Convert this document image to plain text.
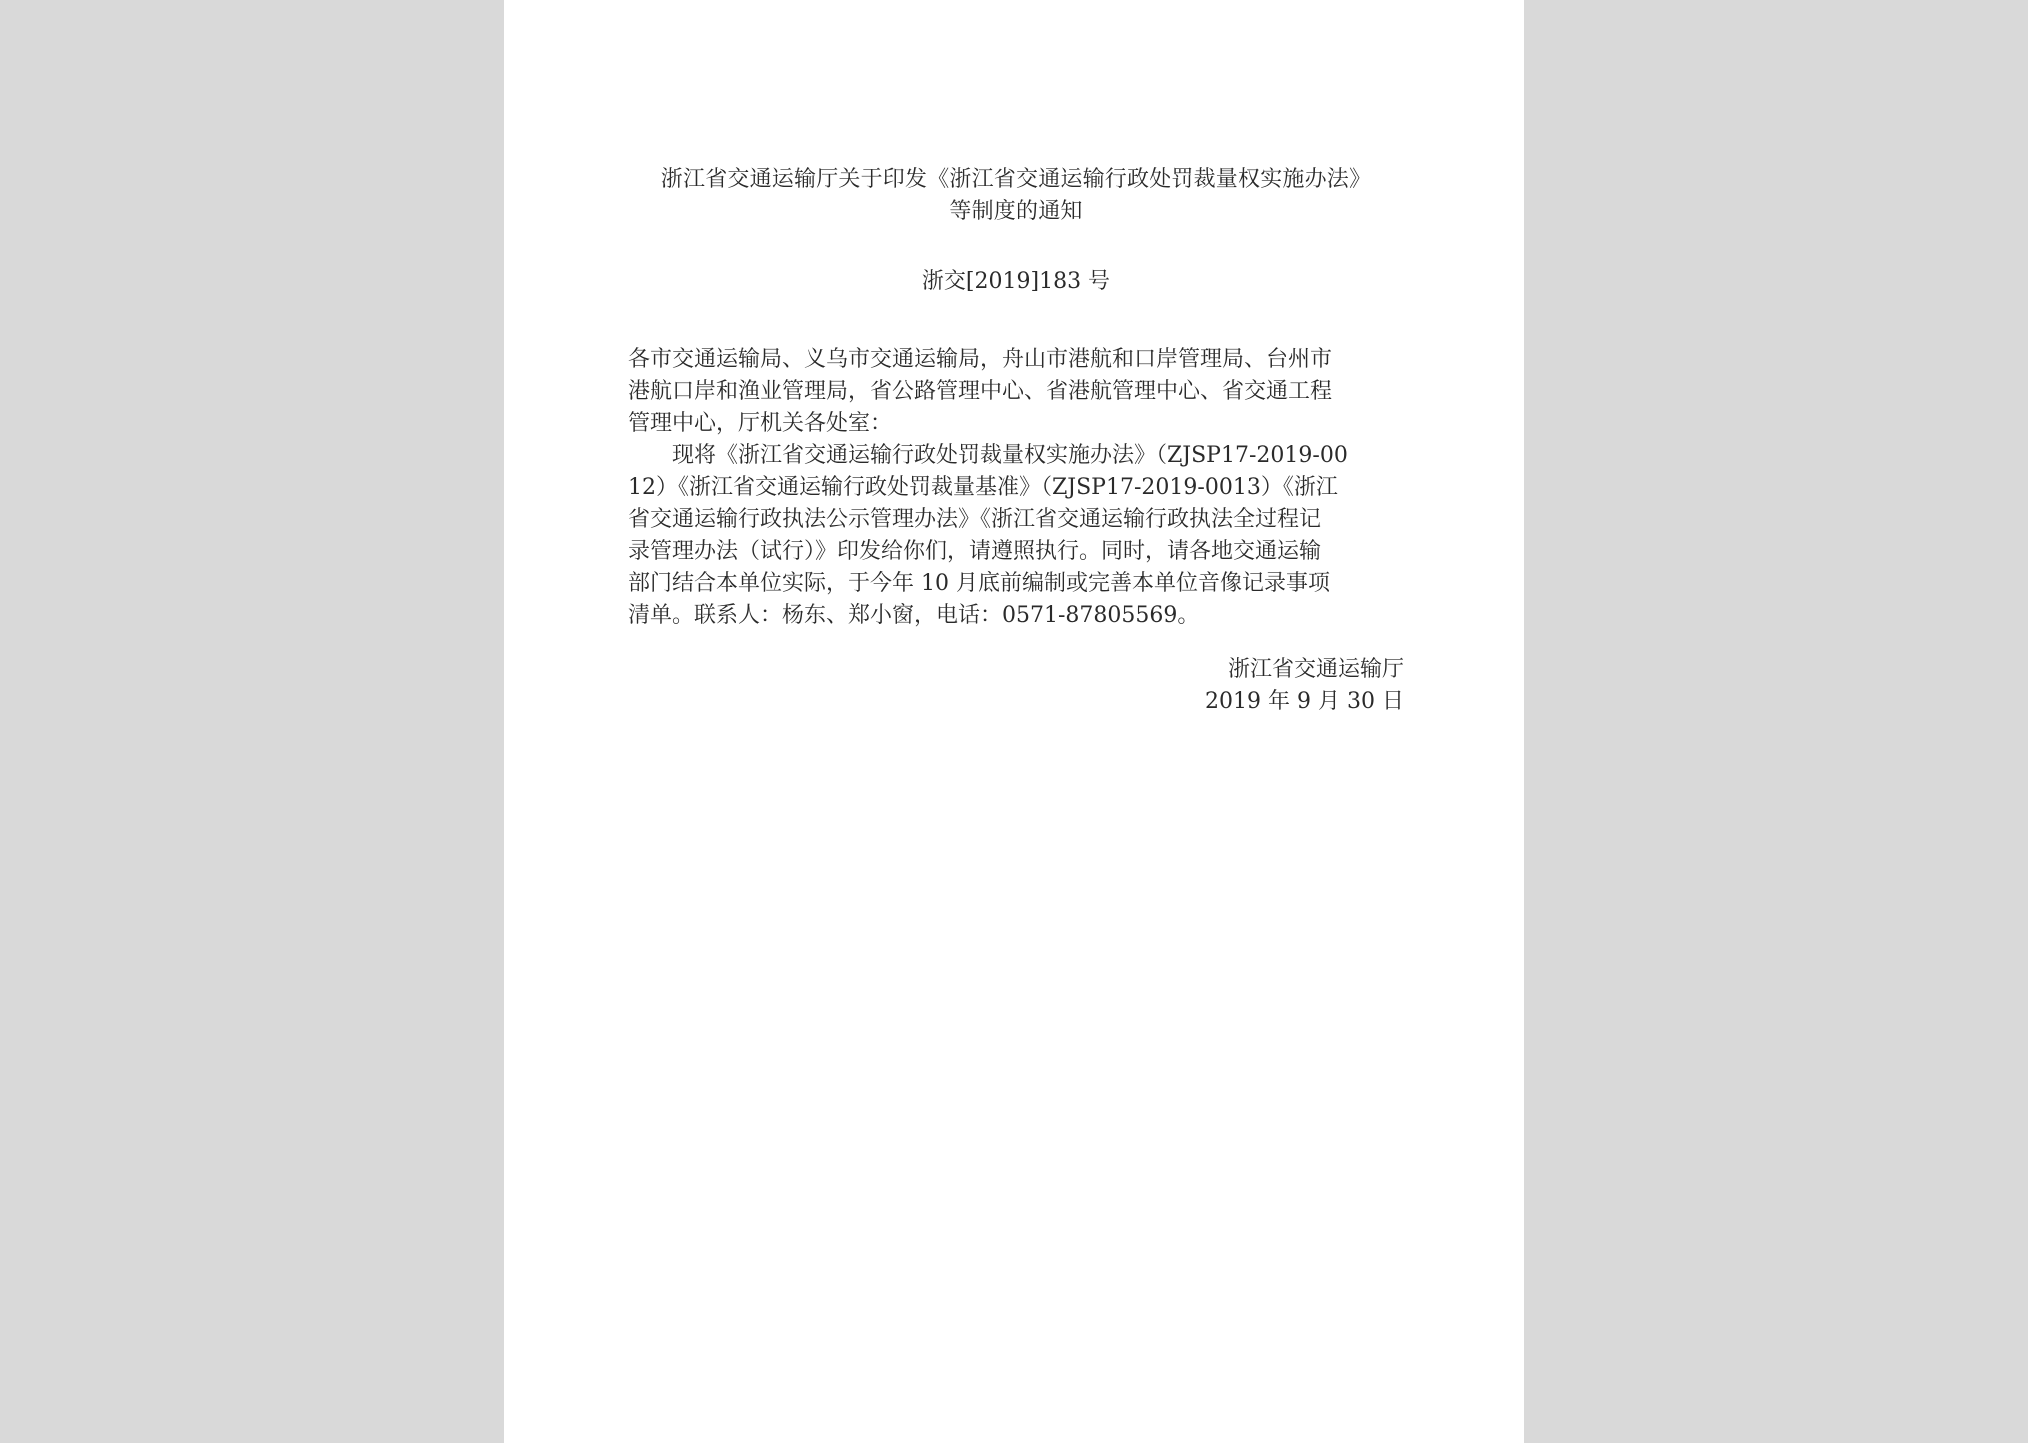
浙江省交通运输厅关于印发《浙江省交通运输行政处罚裁量权实施办法》
等制度的通知
浙交[2019]183 号
各市交通运输局、义乌市交通运输局，舟山市港航和口岸管理局、台州市
港航口岸和渔业管理局，省公路管理中心、省港航管理中心、省交通工程
管理中心，厅机关各处室：
　　现将《浙江省交通运输行政处罚裁量权实施办法》（ZJSP17-2019-00
12）《浙江省交通运输行政处罚裁量基准》（ZJSP17-2019-0013）《浙江
省交通运输行政执法公示管理办法》《浙江省交通运输行政执法全过程记
录管理办法（试行）》印发给你们，请遵照执行。同时，请各地交通运输
部门结合本单位实际，于今年 10 月底前编制或完善本单位音像记录事项
清单。联系人：杨东、郑小窗，电话：0571-87805569。
浙江省交通运输厅
2019 年 9 月 30 日
